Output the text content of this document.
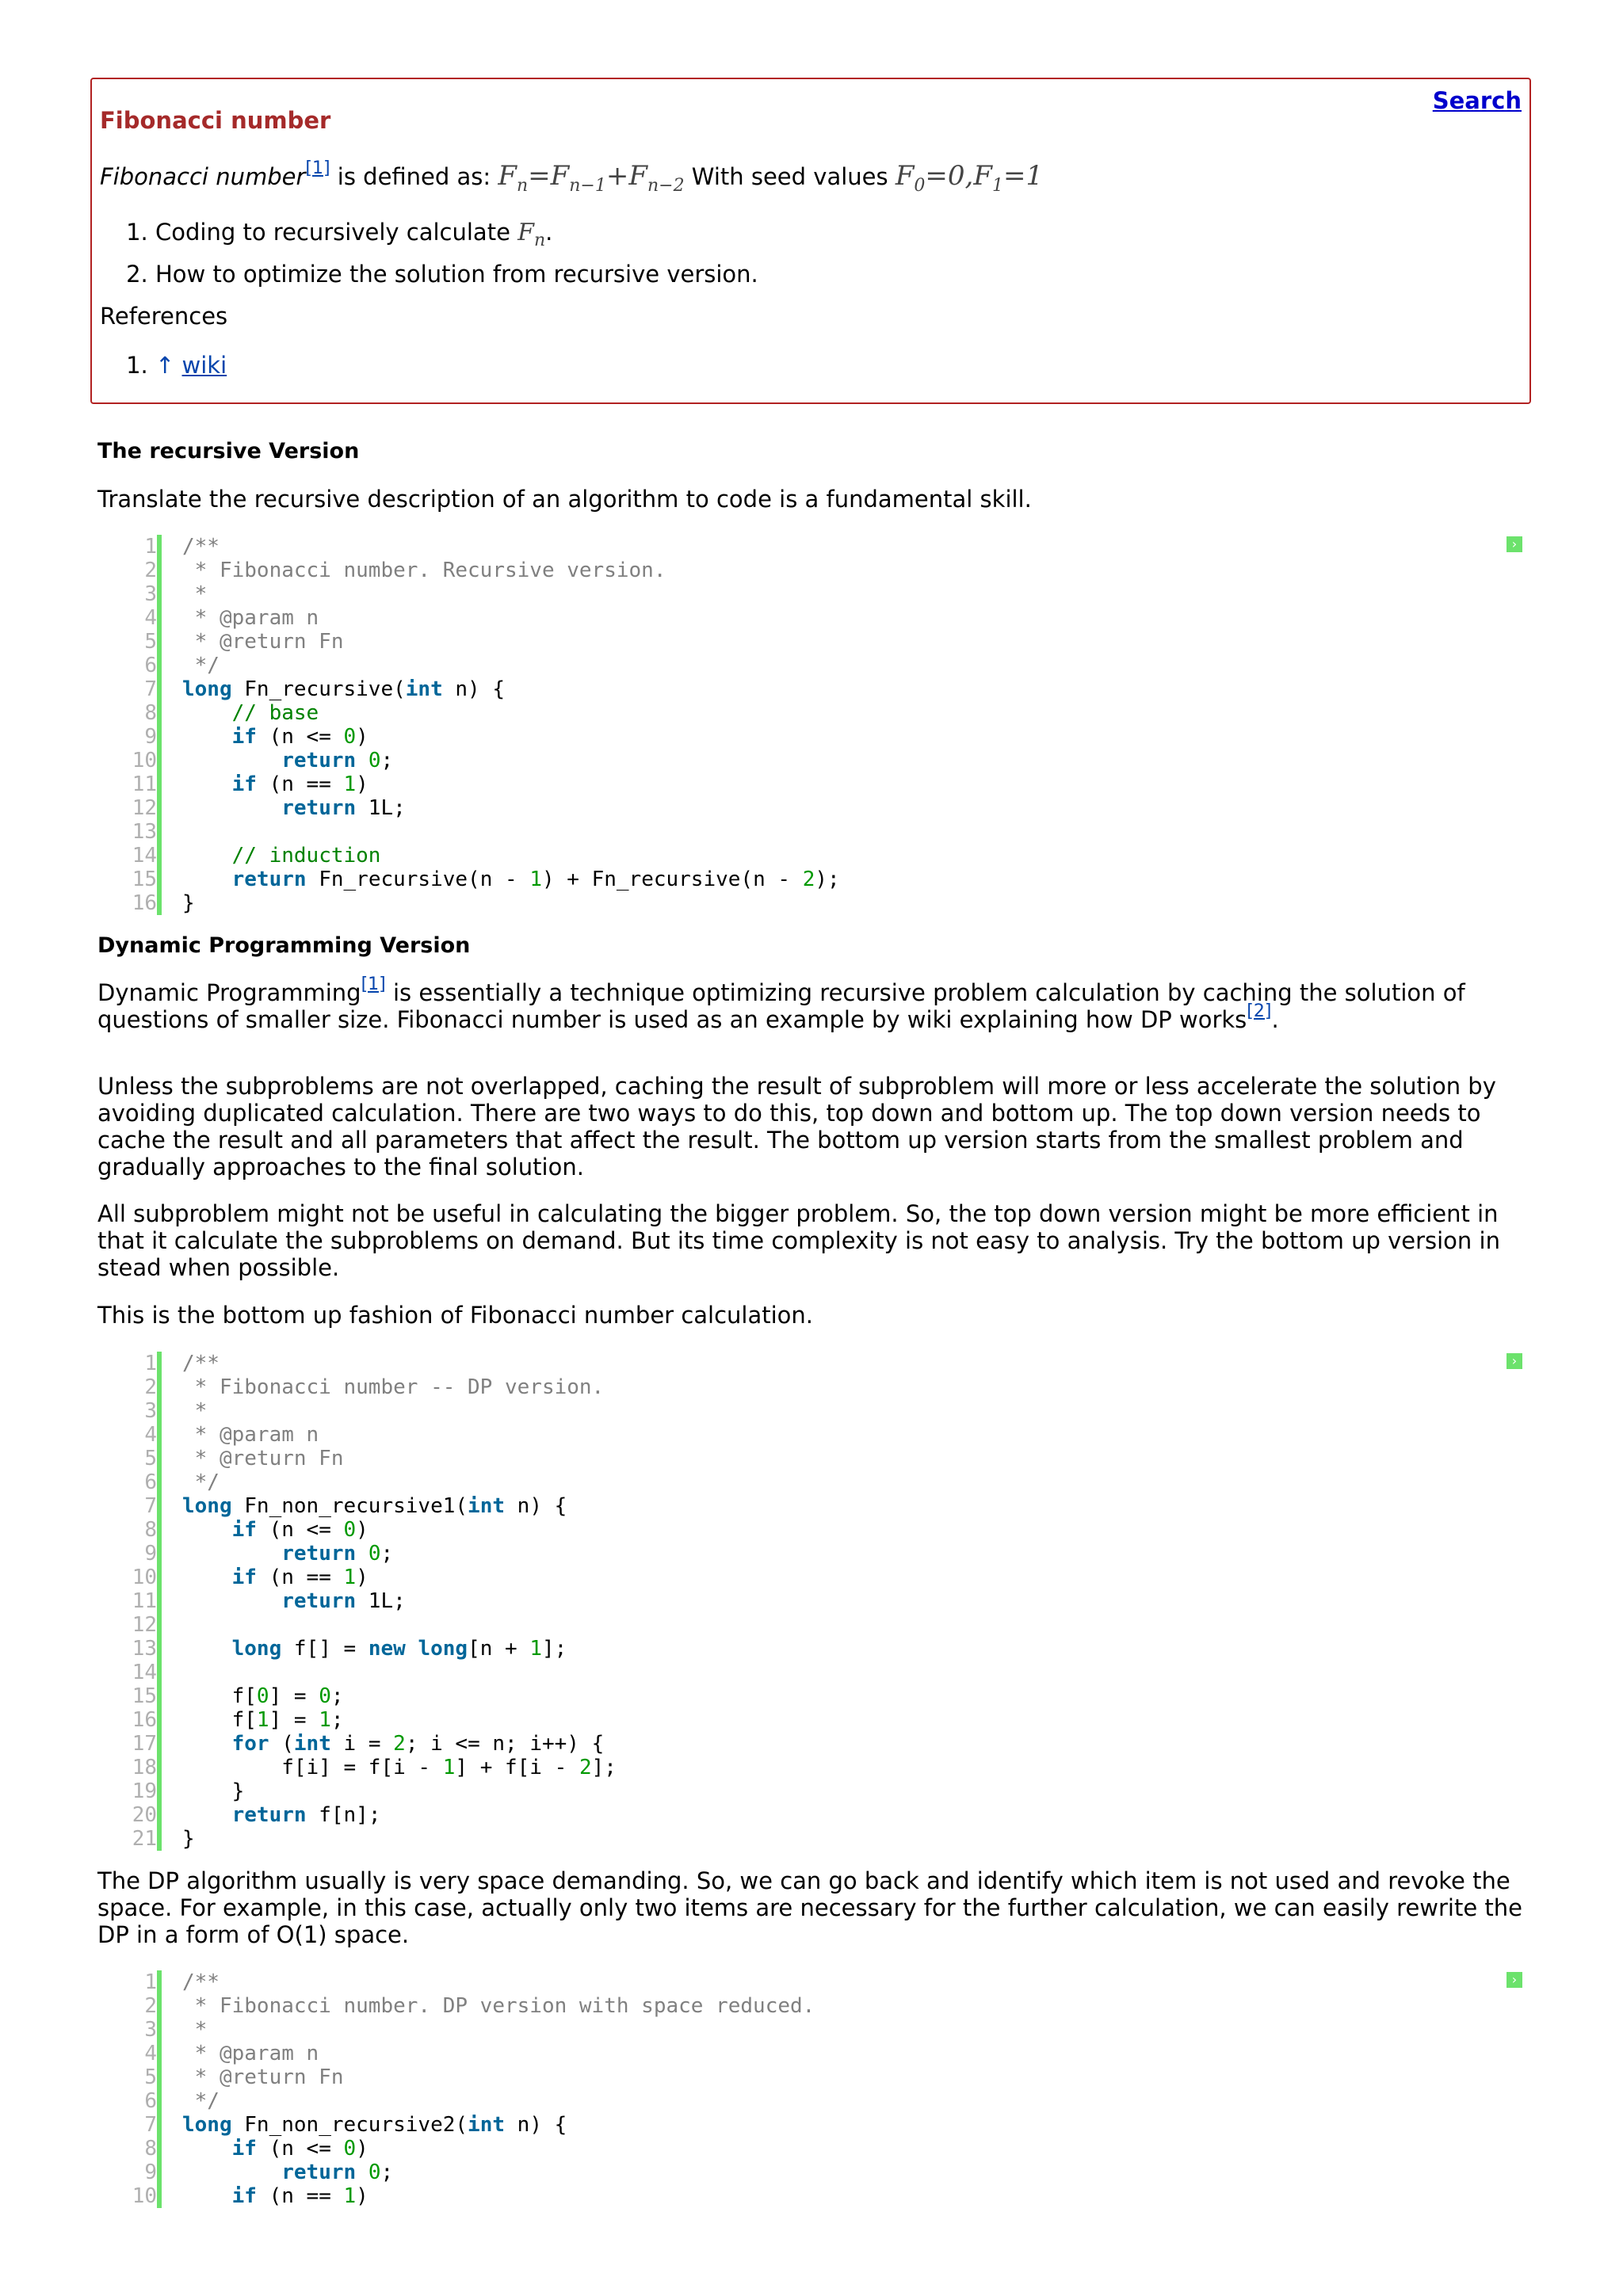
Search
Fibonacci number
Fibonacci number[1] is defined as: $F_n=F_{n-1}+F_{n-2}$ With seed values $F_0=0,F_1=1$
1. Coding to recursively calculate $F_n$.
2. How to optimize the solution from recursive version.
References
1. ↑ wiki
The recursive Version

Translate the recursive description of an algorithm to code is a fundamental skill.

1
2
3
4
5
6
7
8
9
10
11
12
13
14
15
16
/**
* Fibonacci number. Recursive version.
*
* @param n
* @return Fn
*/
long Fn_recursive(int n) {
// base
if (n <= 0)
return 0;
if (n == 1)
return 1L;
// induction
return Fn_recursive(n - 1) + Fn_recursive(n - 2);
}
›
Dynamic Programming Version

Dynamic Programming[1] is essentially a technique optimizing recursive problem calculation by caching the solution of questions of smaller size. Fibonacci number is used as an example by wiki explaining how DP works[2].

Unless the subproblems are not overlapped, caching the result of subproblem will more or less accelerate the solution by avoiding duplicated calculation. There are two ways to do this, top down and bottom up. The top down version needs to cache the result and all parameters that affect the result. The bottom up version starts from the smallest problem and gradually approaches to the final solution.

All subproblem might not be useful in calculating the bigger problem. So, the top down version might be more efficient in that it calculate the subproblems on demand. But its time complexity is not easy to analysis. Try the bottom up version in stead when possible.

This is the bottom up fashion of Fibonacci number calculation.

1
2
3
4
5
6
7
8
9
10
11
12
13
14
15
16
17
18
19
20
21
/**
* Fibonacci number -- DP version.
*
* @param n
* @return Fn
*/
long Fn_non_recursive1(int n) {
if (n <= 0)
return 0;
if (n == 1)
return 1L;
long f[] = new long[n + 1];
f[0] = 0;
f[1] = 1;
for (int i = 2; i <= n; i++) {
f[i] = f[i - 1] + f[i - 2];
}
return f[n];
}
›

The DP algorithm usually is very space demanding. So, we can go back and identify which item is not used and revoke the space. For example, in this case, actually only two items are necessary for the further calculation, we can easily rewrite the DP in a form of O(1) space.

1
2
3
4
5
6
7
8
9
10
/**
* Fibonacci number. DP version with space reduced.
*
* @param n
* @return Fn
*/
long Fn_non_recursive2(int n) {
if (n <= 0)
return 0;
if (n == 1)
›
